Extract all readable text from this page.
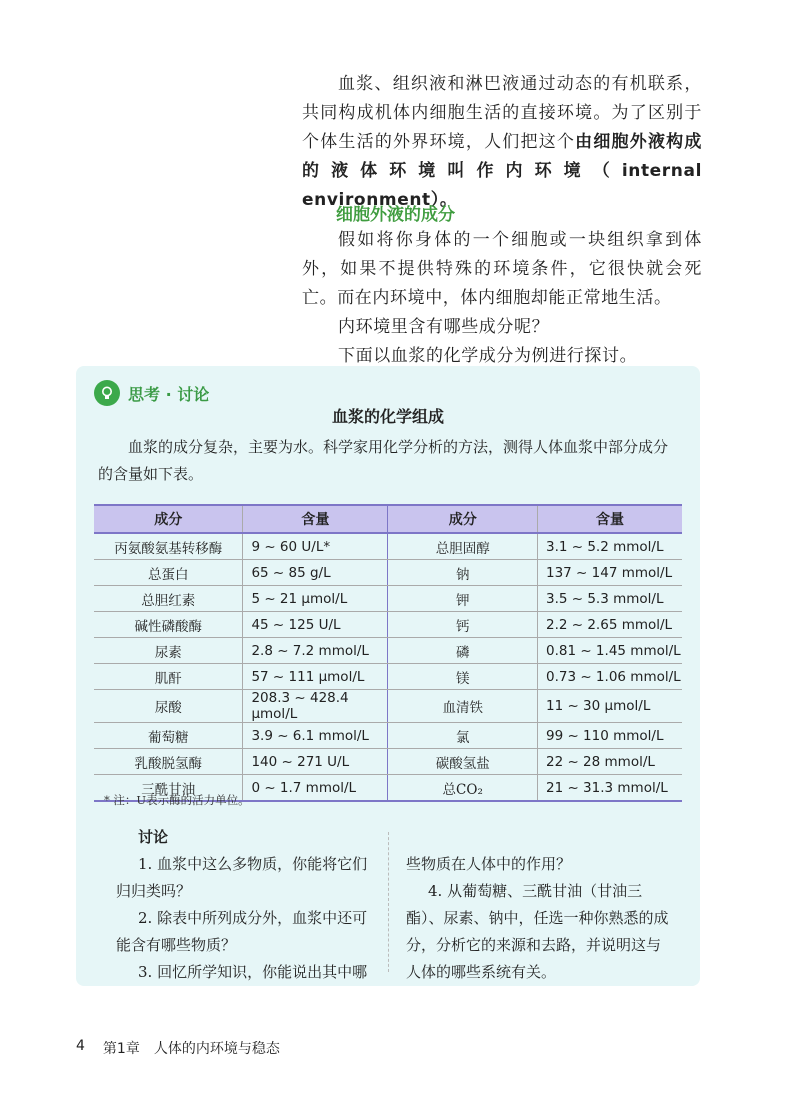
血浆、组织液和淋巴液通过动态的有机联系，共同构成机体内细胞生活的直接环境。为了区别于个体生活的外界环境，人们把这个由细胞外液构成的液体环境叫作内环境（internal environment）。

细胞外液的成分

假如将你身体的一个细胞或一块组织拿到体外，如果不提供特殊的环境条件，它很快就会死亡。而在内环境中，体内细胞却能正常地生活。

内环境里含有哪些成分呢？

下面以血浆的化学成分为例进行探讨。

思考 · 讨论
血浆的化学组成

血浆的成分复杂，主要为水。科学家用化学分析的方法，测得人体血浆中部分成分的含量如下表。

成分	含量	成分	含量
丙氨酸氨基转移酶	9 ~ 60 U/L*	总胆固醇	3.1 ~ 5.2 mmol/L
总蛋白	65 ~ 85 g/L	钠	137 ~ 147 mmol/L
总胆红素	5 ~ 21 μmol/L	钾	3.5 ~ 5.3 mmol/L
碱性磷酸酶	45 ~ 125 U/L	钙	2.2 ~ 2.65 mmol/L
尿素	2.8 ~ 7.2 mmol/L	磷	0.81 ~ 1.45 mmol/L
肌酐	57 ~ 111 μmol/L	镁	0.73 ~ 1.06 mmol/L
尿酸	208.3 ~ 428.4 μmol/L	血清铁	11 ~ 30 μmol/L
葡萄糖	3.9 ~ 6.1 mmol/L	氯	99 ~ 110 mmol/L
乳酸脱氢酶	140 ~ 271 U/L	碳酸氢盐	22 ~ 28 mmol/L
三酰甘油	0 ~ 1.7 mmol/L	总CO₂	21 ~ 31.3 mmol/L
* 注：U表示酶的活力单位。

讨论

1. 血浆中这么多物质，你能将它们归归类吗？

2. 除表中所列成分外，血浆中还可能含有哪些物质？

3. 回忆所学知识，你能说出其中哪

些物质在人体中的作用？

4. 从葡萄糖、三酰甘油（甘油三酯）、尿素、钠中，任选一种你熟悉的成分，分析它的来源和去路，并说明这与人体的哪些系统有关。

4 第1章　人体的内环境与稳态
